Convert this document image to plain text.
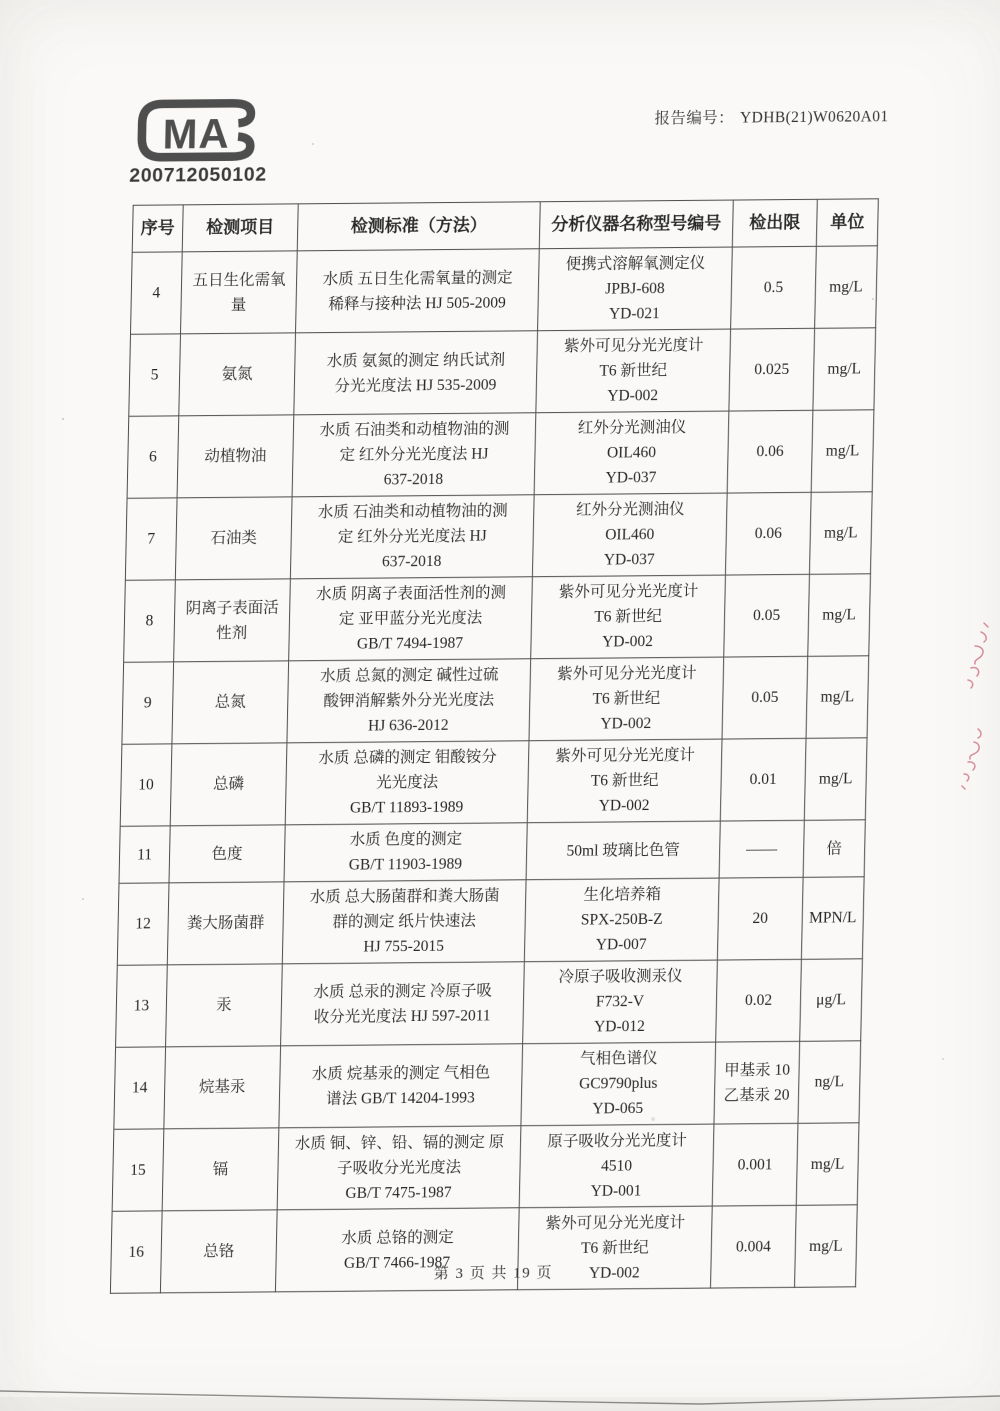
MA
200712050102
报告编号： YDHB(21)W0620A01
序号	检测项目	检测标准（方法）	分析仪器名称型号编号	检出限	单位
4	五日生化需氧量	水质 五日生化需氧量的测定
稀释与接种法 HJ 505-2009	便携式溶解氧测定仪
JPBJ-608
YD-021	0.5	mg/L
5	氨氮	水质 氨氮的测定 纳氏试剂
分光光度法 HJ 535-2009	紫外可见分光光度计
T6 新世纪
YD-002	0.025	mg/L
6	动植物油	水质 石油类和动植物油的测
定 红外分光光度法 HJ
637-2018	红外分光测油仪
OIL460
YD-037	0.06	mg/L
7	石油类	水质 石油类和动植物油的测
定 红外分光光度法 HJ
637-2018	红外分光测油仪
OIL460
YD-037	0.06	mg/L
8	阴离子表面活性剂	水质 阴离子表面活性剂的测
定 亚甲蓝分光光度法
GB/T 7494-1987	紫外可见分光光度计
T6 新世纪
YD-002	0.05	mg/L
9	总氮	水质 总氮的测定 碱性过硫
酸钾消解紫外分光光度法
HJ 636-2012	紫外可见分光光度计
T6 新世纪
YD-002	0.05	mg/L
10	总磷	水质 总磷的测定 钼酸铵分
光光度法
GB/T 11893-1989	紫外可见分光光度计
T6 新世纪
YD-002	0.01	mg/L
11	色度	水质 色度的测定
GB/T 11903-1989	50ml 玻璃比色管	——	倍
12	粪大肠菌群	水质 总大肠菌群和粪大肠菌
群的测定 纸片快速法
HJ 755-2015	生化培养箱
SPX-250B-Z
YD-007	20	MPN/L
13	汞	水质 总汞的测定 冷原子吸
收分光光度法 HJ 597-2011	冷原子吸收测汞仪
F732-V
YD-012	0.02	μg/L
14	烷基汞	水质 烷基汞的测定 气相色
谱法 GB/T 14204-1993	气相色谱仪
GC9790plus
YD-065	甲基汞 10
乙基汞 20	ng/L
15	镉	水质 铜、锌、铅、镉的测定 原
子吸收分光光度法
GB/T 7475-1987	原子吸收分光光度计
4510
YD-001	0.001	mg/L
16	总铬	水质 总铬的测定
GB/T 7466-1987	紫外可见分光光度计
T6 新世纪
YD-002	0.004	mg/L
第 3 页 共 19 页
